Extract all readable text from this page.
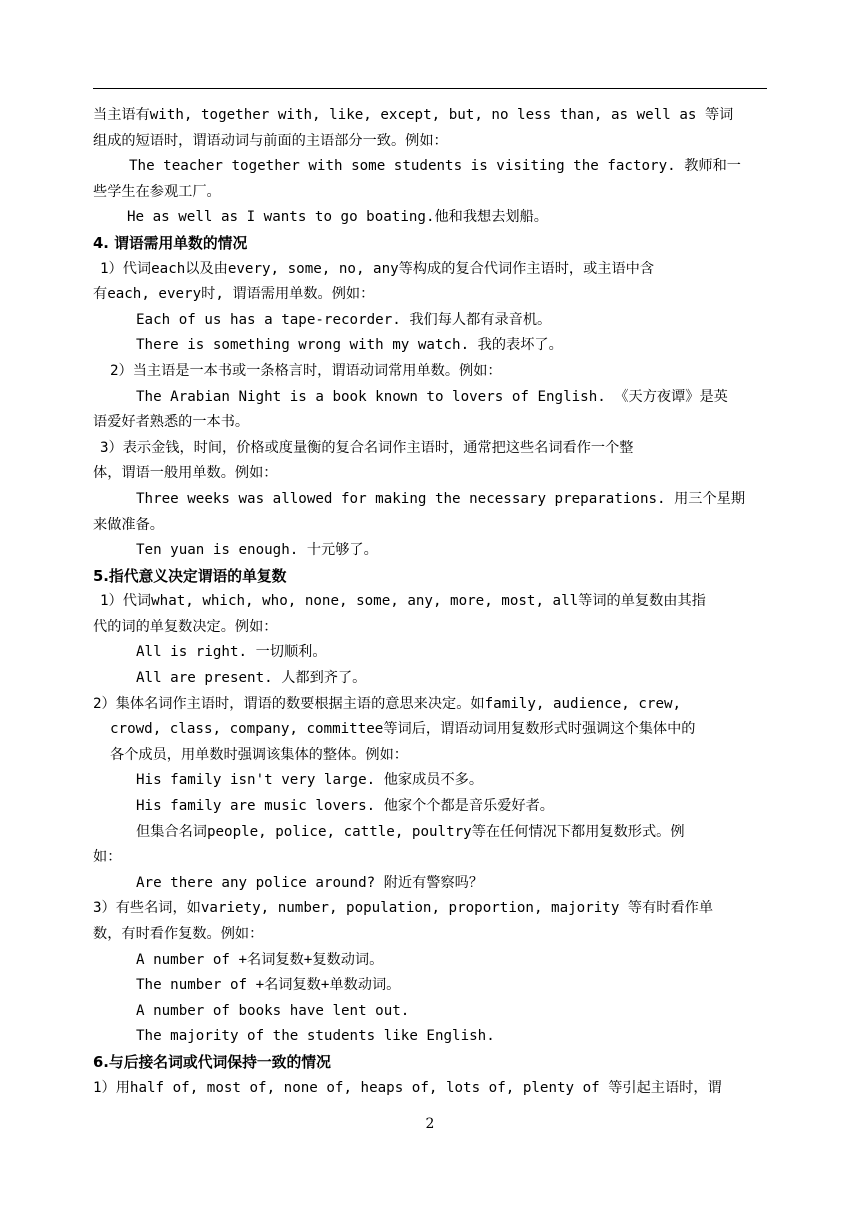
当主语有with, together with, like, except, but, no less than, as well as 等词

组成的短语时，谓语动词与前面的主语部分一致。例如：

The teacher together with some students is visiting the factory. 教师和一

些学生在参观工厂。

He as well as I wants to go boating.他和我想去划船。

4. 谓语需用单数的情况

1）代词each以及由every, some, no, any等构成的复合代词作主语时，或主语中含

有each, every时, 谓语需用单数。例如：

Each of us has a tape-recorder. 我们每人都有录音机。

There is something wrong with my watch. 我的表坏了。

2）当主语是一本书或一条格言时，谓语动词常用单数。例如：

The Arabian Night is a book known to lovers of English. 《天方夜谭》是英

语爱好者熟悉的一本书。

3）表示金钱，时间，价格或度量衡的复合名词作主语时，通常把这些名词看作一个整

体，谓语一般用单数。例如：

Three weeks was allowed for making the necessary preparations. 用三个星期

来做准备。

Ten yuan is enough. 十元够了。

5.指代意义决定谓语的单复数

1）代词what, which, who, none, some, any, more, most, all等词的单复数由其指

代的词的单复数决定。例如：

All is right. 一切顺利。

All are present. 人都到齐了。

2）集体名词作主语时，谓语的数要根据主语的意思来决定。如family, audience, crew,

crowd, class, company, committee等词后，谓语动词用复数形式时强调这个集体中的

各个成员，用单数时强调该集体的整体。例如：

His family isn't very large. 他家成员不多。

His family are music lovers. 他家个个都是音乐爱好者。

但集合名词people, police, cattle, poultry等在任何情况下都用复数形式。例

如：

Are there any police around? 附近有警察吗？

3）有些名词，如variety, number, population, proportion, majority 等有时看作单

数，有时看作复数。例如：

A number of +名词复数+复数动词。

The number of +名词复数+单数动词。

A number of books have lent out.

The majority of the students like English.

6.与后接名词或代词保持一致的情况

1）用half of, most of, none of, heaps of, lots of, plenty of 等引起主语时，谓

2
